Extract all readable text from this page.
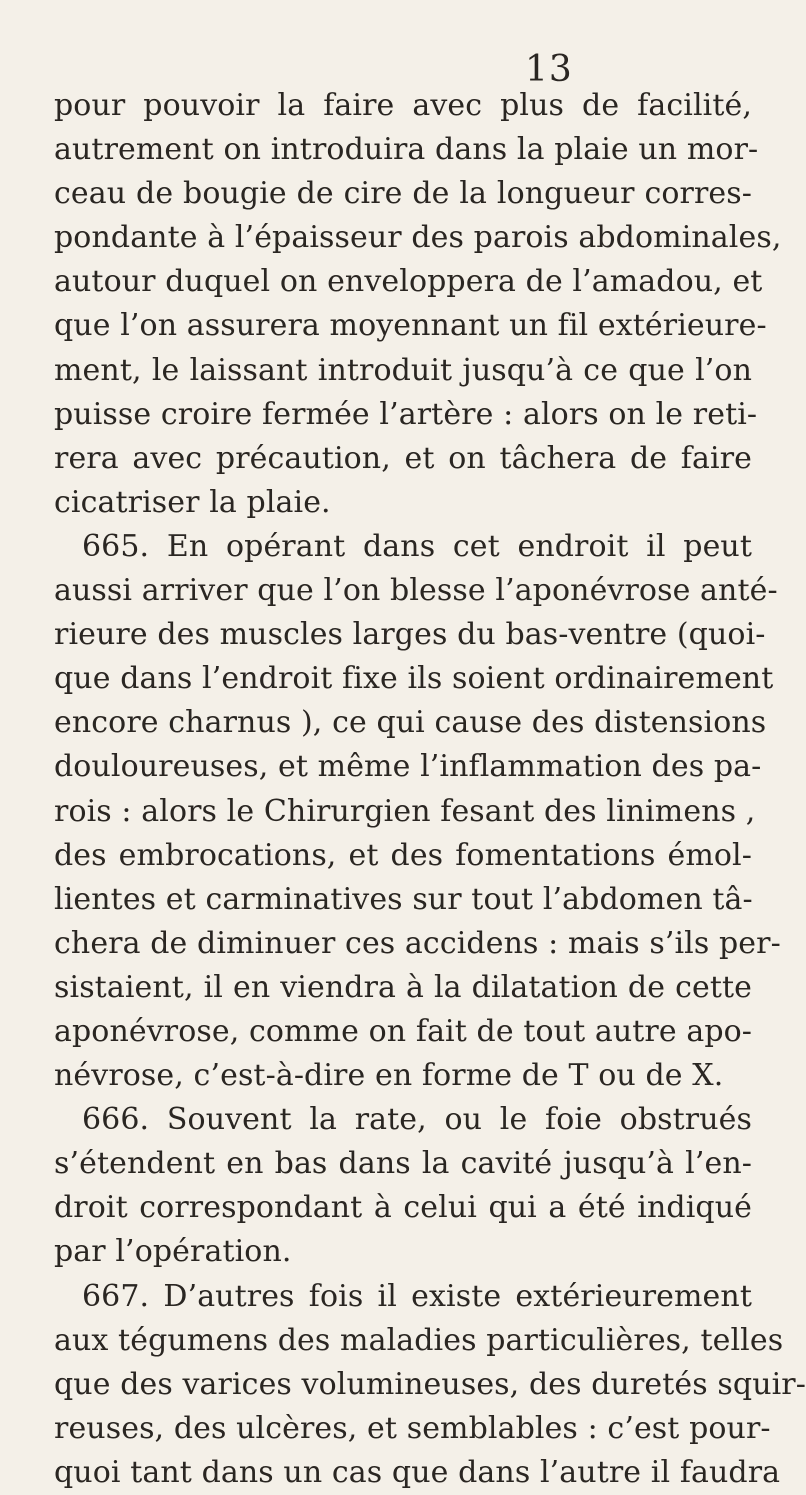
13
pour pouvoir la faire avec plus de facilité,
autrement on introduira dans la plaie un mor-
ceau de bougie de cire de la longueur corres-
pondante à l’épaisseur des parois abdominales,
autour duquel on enveloppera de l’amadou, et
que l’on assurera moyennant un fil extérieure-
ment, le laissant introduit jusqu’à ce que l’on
puisse croire fermée l’artère : alors on le reti-
rera avec précaution, et on tâchera de faire
cicatriser la plaie.
665. En opérant dans cet endroit il peut
aussi arriver que l’on blesse l’aponévrose anté-
rieure des muscles larges du bas-ventre (quoi-
que dans l’endroit fixe ils soient ordinairement
encore charnus ), ce qui cause des distensions
douloureuses, et même l’inflammation des pa-
rois : alors le Chirurgien fesant des linimens ,
des embrocations, et des fomentations émol-
lientes et carminatives sur tout l’abdomen tâ-
chera de diminuer ces accidens : mais s’ils per-
sistaient, il en viendra à la dilatation de cette
aponévrose, comme on fait de tout autre apo-
névrose, c’est-à-dire en forme de T ou de X.
666. Souvent la rate, ou le foie obstrués
s’étendent en bas dans la cavité jusqu’à l’en-
droit correspondant à celui qui a été indiqué
par l’opération.
667. D’autres fois il existe extérieurement
aux tégumens des maladies particulières, telles
que des varices volumineuses, des duretés squir-
reuses, des ulcères, et semblables : c’est pour-
quoi tant dans un cas que dans l’autre il faudra
